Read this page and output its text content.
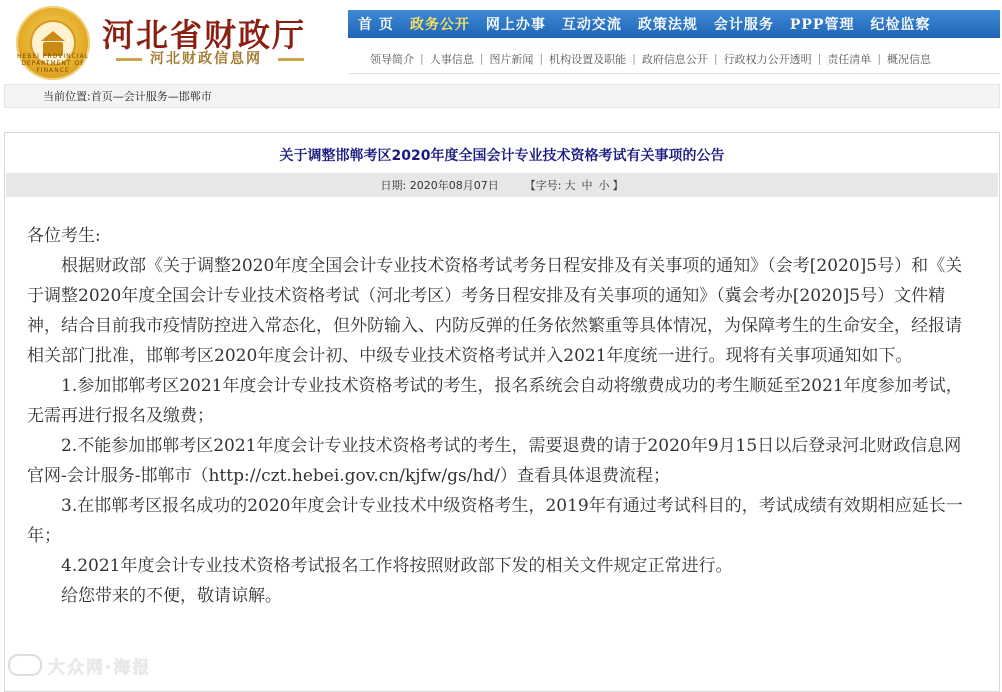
HEBEI PROVINCIAL DEPARTMENT OF FINANCE
河北省财政厅
河北财政信息网
首 页 政务公开 网上办事 互动交流 政策法规 会计服务 PPP管理 纪检监察
领导简介 | 人事信息 | 图片新闻 | 机构设置及职能 | 政府信息公开 | 行政权力公开透明 | 责任清单 | 概况信息
当前位置:首页—会计服务—邯郸市
关于调整邯郸考区2020年度全国会计专业技术资格考试有关事项的公告
日期: 2020年08月07日 【字号: 大 中 小 】

各位考生:

根据财政部《关于调整2020年度全国会计专业技术资格考试考务日程安排及有关事项的通知》（会考[2020]5号）和《关于调整2020年度全国会计专业技术资格考试（河北考区）考务日程安排及有关事项的通知》（冀会考办[2020]5号）文件精神，结合目前我市疫情防控进入常态化，但外防输入、内防反弹的任务依然繁重等具体情况，为保障考生的生命安全，经报请相关部门批准，邯郸考区2020年度会计初、中级专业技术资格考试并入2021年度统一进行。现将有关事项通知如下。

1.参加邯郸考区2021年度会计专业技术资格考试的考生，报名系统会自动将缴费成功的考生顺延至2021年度参加考试，无需再进行报名及缴费；

2.不能参加邯郸考区2021年度会计专业技术资格考试的考生，需要退费的请于2020年9月15日以后登录河北财政信息网官网-会计服务-邯郸市（http://czt.hebei.gov.cn/kjfw/gs/hd/）查看具体退费流程；

3.在邯郸考区报名成功的2020年度会计专业技术中级资格考生，2019年有通过考试科目的，考试成绩有效期相应延长一年；

4.2021年度会计专业技术资格考试报名工作将按照财政部下发的相关文件规定正常进行。

给您带来的不便，敬请谅解。

大众网·海报
